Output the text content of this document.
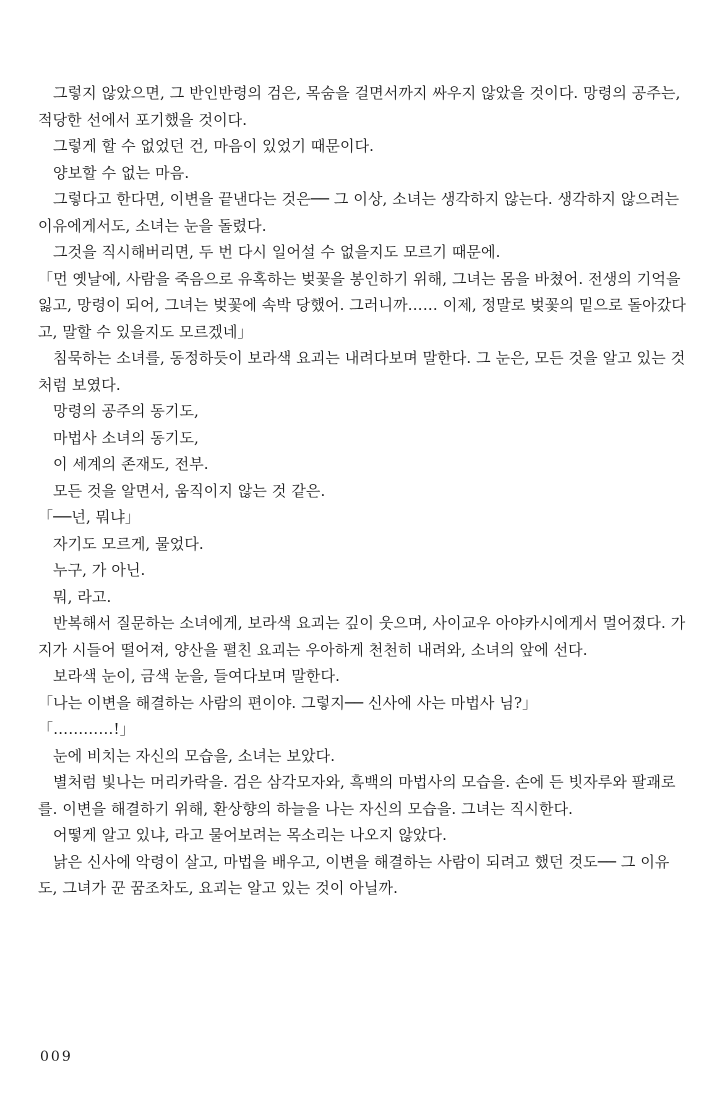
그렇지 않았으면, 그 반인반령의 검은, 목숨을 걸면서까지 싸우지 않았을 것이다. 망령의 공주는, 적당한 선에서 포기했을 것이다.

그렇게 할 수 없었던 건, 마음이 있었기 때문이다.

양보할 수 없는 마음.

그렇다고 한다면, 이변을 끝낸다는 것은── 그 이상, 소녀는 생각하지 않는다. 생각하지 않으려는 이유에게서도, 소녀는 눈을 돌렸다.

그것을 직시해버리면, 두 번 다시 일어설 수 없을지도 모르기 때문에.

「먼 옛날에, 사람을 죽음으로 유혹하는 벚꽃을 봉인하기 위해, 그녀는 몸을 바쳤어. 전생의 기억을 잃고, 망령이 되어, 그녀는 벚꽃에 속박 당했어. 그러니까…… 이제, 정말로 벚꽃의 밑으로 돌아갔다고, 말할 수 있을지도 모르겠네」

침묵하는 소녀를, 동정하듯이 보라색 요괴는 내려다보며 말한다. 그 눈은, 모든 것을 알고 있는 것처럼 보였다.

망령의 공주의 동기도,

마법사 소녀의 동기도,

이 세계의 존재도, 전부.

모든 것을 알면서, 움직이지 않는 것 같은.

「──넌, 뭐냐」

자기도 모르게, 물었다.

누구, 가 아닌.

뭐, 라고.

반복해서 질문하는 소녀에게, 보라색 요괴는 깊이 웃으며, 사이교우 아야카시에게서 멀어졌다. 가지가 시들어 떨어져, 양산을 펼친 요괴는 우아하게 천천히 내려와, 소녀의 앞에 선다.

보라색 눈이, 금색 눈을, 들여다보며 말한다.

「나는 이변을 해결하는 사람의 편이야. 그렇지── 신사에 사는 마법사 님?」

「…………!」

눈에 비치는 자신의 모습을, 소녀는 보았다.

별처럼 빛나는 머리카락을. 검은 삼각모자와, 흑백의 마법사의 모습을. 손에 든 빗자루와 팔괘로를. 이변을 해결하기 위해, 환상향의 하늘을 나는 자신의 모습을. 그녀는 직시한다.

어떻게 알고 있냐, 라고 물어보려는 목소리는 나오지 않았다.

낡은 신사에 악령이 살고, 마법을 배우고, 이변을 해결하는 사람이 되려고 했던 것도── 그 이유도, 그녀가 꾼 꿈조차도, 요괴는 알고 있는 것이 아닐까.

009
